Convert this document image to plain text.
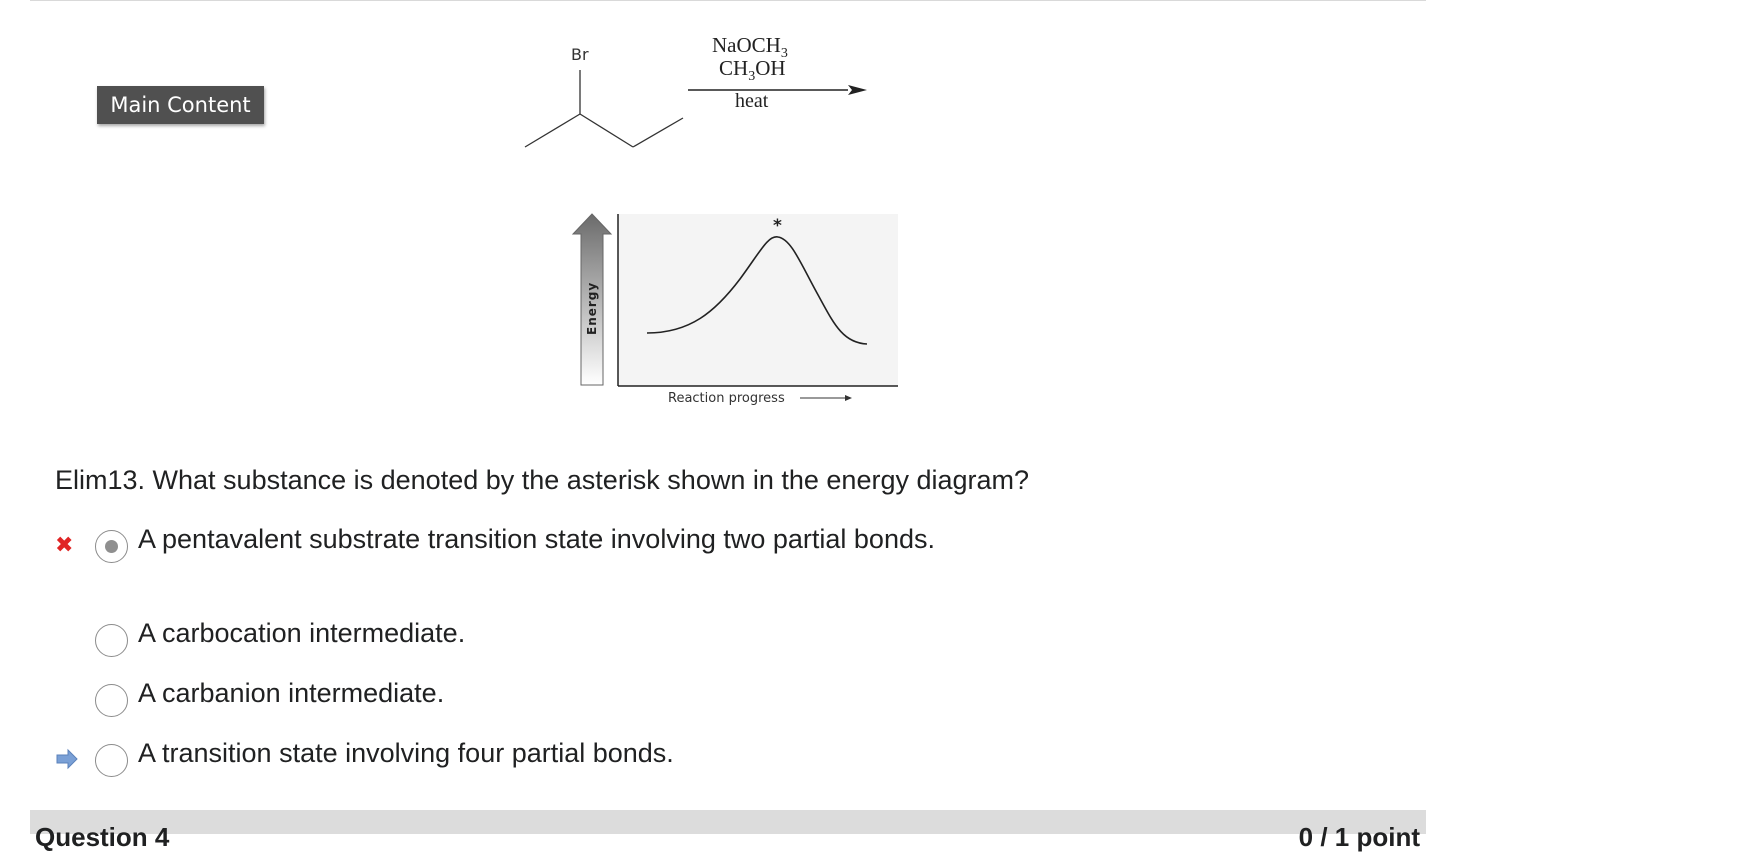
Main Content
Br	NaOCH$_3$
$CH_3OH$
heat
Energy
*
Reaction progress
Elim13. What substance is denoted by the asterisk shown in the energy diagram?
✖ A pentavalent substrate transition state involving two partial bonds.
A carbocation intermediate.
A carbanion intermediate.
A transition state involving four partial bonds.
Question 4	0 / 1 point
